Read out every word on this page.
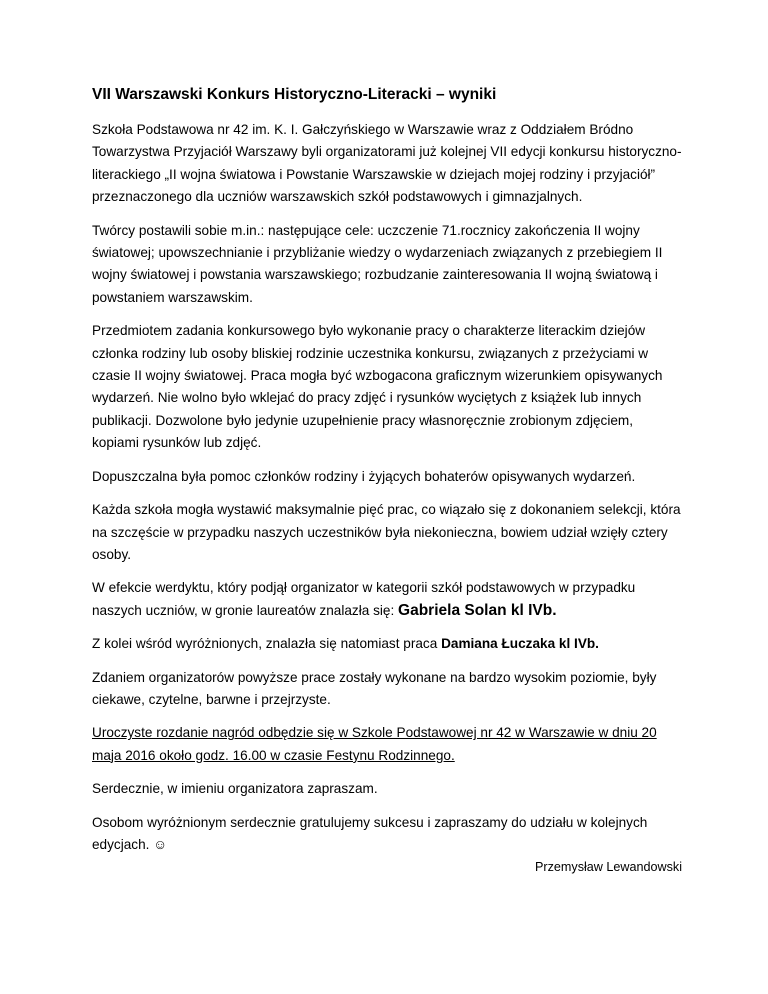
VII Warszawski Konkurs Historyczno-Literacki – wyniki

Szkoła Podstawowa nr 42 im. K. I. Gałczyńskiego w Warszawie wraz z Oddziałem Bródno Towarzystwa Przyjaciół Warszawy byli organizatorami już kolejnej VII edycji konkursu historyczno-literackiego „II wojna światowa i Powstanie Warszawskie w dziejach mojej rodziny i przyjaciół” przeznaczonego dla uczniów warszawskich szkół podstawowych i gimnazjalnych.

Twórcy postawili sobie m.in.: następujące cele: uczczenie 71.rocznicy zakończenia II wojny światowej; upowszechnianie i przybliżanie wiedzy o wydarzeniach związanych z przebiegiem II wojny światowej i powstania warszawskiego; rozbudzanie zainteresowania II wojną światową i powstaniem warszawskim.

Przedmiotem zadania konkursowego było wykonanie pracy o charakterze literackim dziejów członka rodziny lub osoby bliskiej rodzinie uczestnika konkursu, związanych z przeżyciami w czasie II wojny światowej. Praca mogła być wzbogacona graficznym wizerunkiem opisywanych wydarzeń. Nie wolno było wklejać do pracy zdjęć i rysunków wyciętych z książek lub innych publikacji. Dozwolone było jedynie uzupełnienie pracy własnoręcznie zrobionym zdjęciem, kopiami rysunków lub zdjęć.

Dopuszczalna była pomoc członków rodziny i żyjących bohaterów opisywanych wydarzeń.

Każda szkoła mogła wystawić maksymalnie pięć prac, co wiązało się z dokonaniem selekcji, która na szczęście w przypadku naszych uczestników była niekonieczna, bowiem udział wzięły cztery osoby.

W efekcie werdyktu, który podjął organizator w kategorii szkół podstawowych w przypadku naszych uczniów, w gronie laureatów znalazła się: Gabriela Solan kl IVb.

Z kolei wśród wyróżnionych, znalazła się natomiast praca Damiana Łuczaka kl IVb.

Zdaniem organizatorów powyższe prace zostały wykonane na bardzo wysokim poziomie, były ciekawe, czytelne, barwne i przejrzyste.

Uroczyste rozdanie nagród odbędzie się w Szkole Podstawowej nr 42 w Warszawie w dniu 20 maja 2016 około godz. 16.00 w czasie Festynu Rodzinnego.

Serdecznie, w imieniu organizatora zapraszam.

Osobom wyróżnionym serdecznie gratulujemy sukcesu i zapraszamy do udziału w kolejnych edycjach. ☺

Przemysław Lewandowski
